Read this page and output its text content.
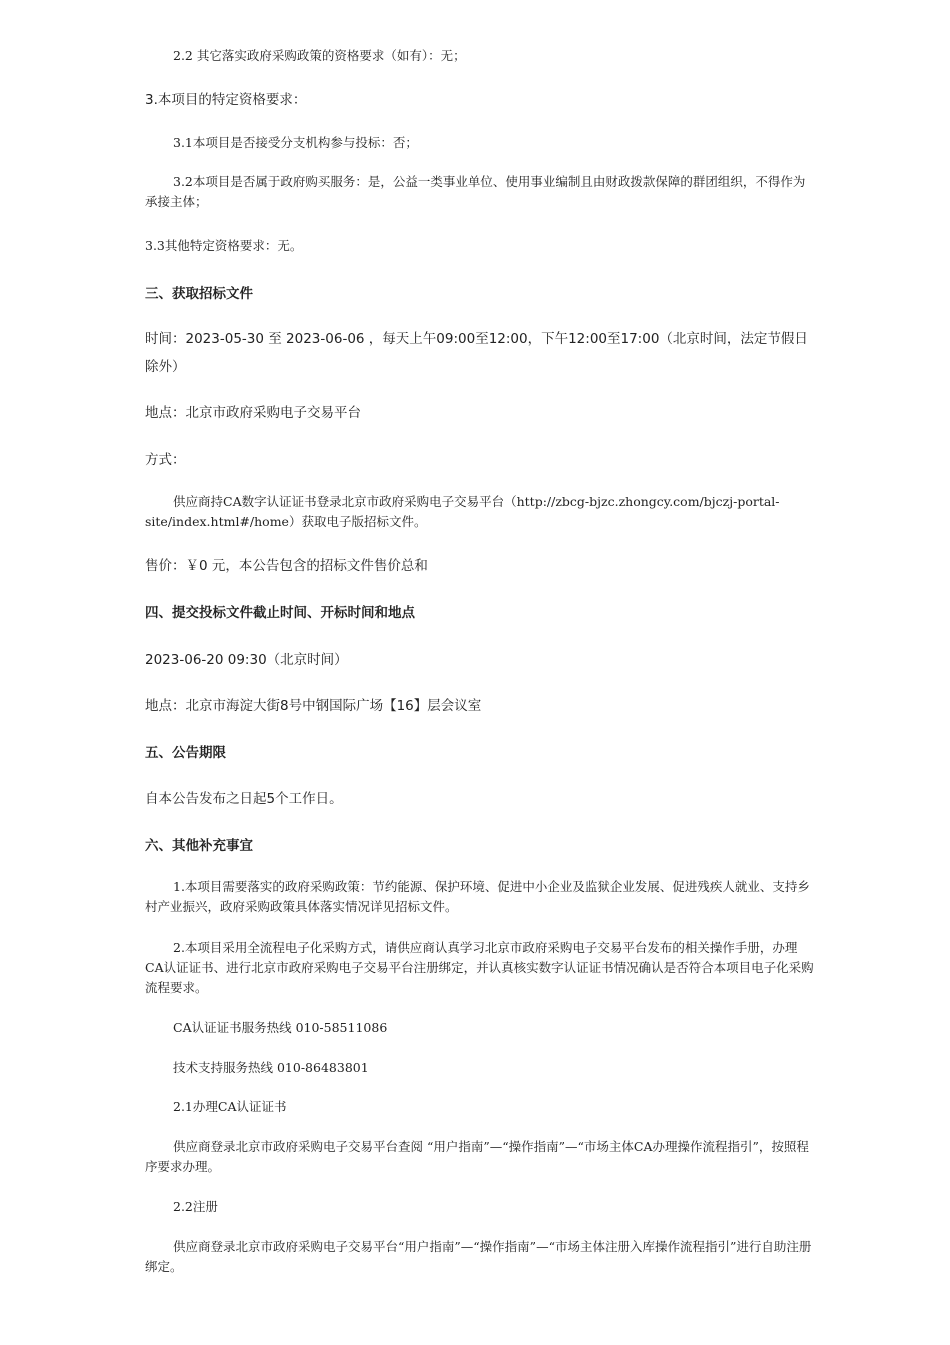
2.2 其它落实政府采购政策的资格要求（如有）：无；
3.本项目的特定资格要求：
3.1本项目是否接受分支机构参与投标：否；
3.2本项目是否属于政府购买服务：是，公益一类事业单位、使用事业编制且由财政拨款保障的群团组织，不得作为承接主体；
3.3其他特定资格要求：无。
三、获取招标文件
时间：2023-05-30 至 2023-06-06 ，每天上午09:00至12:00，下午12:00至17:00（北京时间，法定节假日除外）
地点：北京市政府采购电子交易平台
方式：
供应商持CA数字认证证书登录北京市政府采购电子交易平台（http://zbcg-bjzc.zhongcy.com/bjczj-portal-site/index.html#/home）获取电子版招标文件。
售价：￥0 元，本公告包含的招标文件售价总和
四、提交投标文件截止时间、开标时间和地点
2023-06-20 09:30（北京时间）
地点：北京市海淀大街8号中钢国际广场【16】层会议室
五、公告期限
自本公告发布之日起5个工作日。
六、其他补充事宜
1.本项目需要落实的政府采购政策：节约能源、保护环境、促进中小企业及监狱企业发展、促进残疾人就业、支持乡村产业振兴，政府采购政策具体落实情况详见招标文件。
2.本项目采用全流程电子化采购方式，请供应商认真学习北京市政府采购电子交易平台发布的相关操作手册，办理CA认证证书、进行北京市政府采购电子交易平台注册绑定，并认真核实数字认证证书情况确认是否符合本项目电子化采购流程要求。
CA认证证书服务热线 010-58511086
技术支持服务热线 010-86483801
2.1办理CA认证证书
供应商登录北京市政府采购电子交易平台查阅 “用户指南”—“操作指南”—“市场主体CA办理操作流程指引”，按照程序要求办理。
2.2注册
供应商登录北京市政府采购电子交易平台“用户指南”—“操作指南”—“市场主体注册入库操作流程指引”进行自助注册绑定。
